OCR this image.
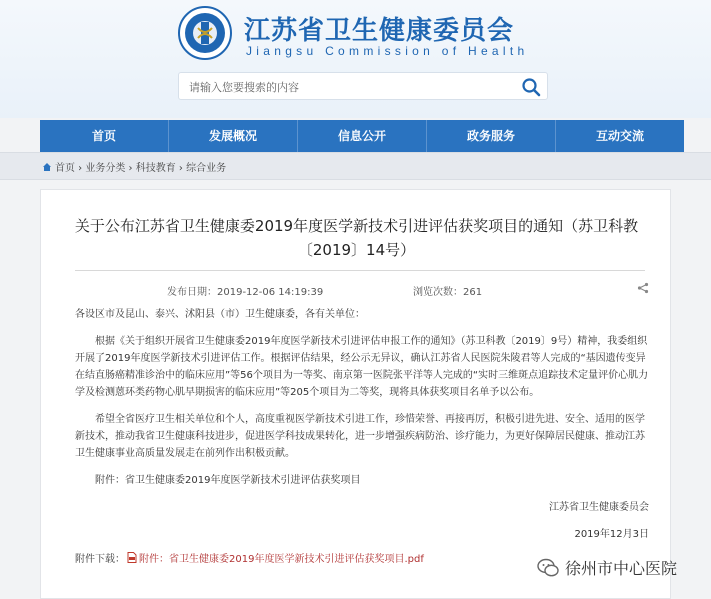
江苏省卫生健康委员会
Jiangsu Commission of Health
请输入您要搜索的内容
首页	发展概况	信息公开	政务服务	互动交流
首页 › 业务分类 › 科技教育 › 综合业务
关于公布江苏省卫生健康委2019年度医学新技术引进评估获奖项目的通知（苏卫科教〔2019〕14号）
发布日期：2019-12-06 14:19:39	浏览次数：261

各设区市及昆山、泰兴、沭阳县（市）卫生健康委，各有关单位：

根据《关于组织开展省卫生健康委2019年度医学新技术引进评估申报工作的通知》（苏卫科教〔2019〕9号）精神，我委组织开展了2019年度医学新技术引进评估工作。根据评估结果，经公示无异议，确认江苏省人民医院朱陵君等人完成的“基因遗传变异在结直肠癌精准诊治中的临床应用”等56个项目为一等奖、南京第一医院张平洋等人完成的“实时三维斑点追踪技术定量评价心肌力学及检测蒽环类药物心肌早期损害的临床应用”等205个项目为二等奖，现将具体获奖项目名单予以公布。

希望全省医疗卫生相关单位和个人，高度重视医学新技术引进工作，珍惜荣誉、再接再厉，积极引进先进、安全、适用的医学新技术，推动我省卫生健康科技进步，促进医学科技成果转化，进一步增强疾病防治、诊疗能力，为更好保障居民健康、推动江苏卫生健康事业高质量发展走在前列作出积极贡献。

附件：省卫生健康委2019年度医学新技术引进评估获奖项目

江苏省卫生健康委员会

2019年12月3日

附件下载： 附件：省卫生健康委2019年度医学新技术引进评估获奖项目.pdf	徐州市中心医院
